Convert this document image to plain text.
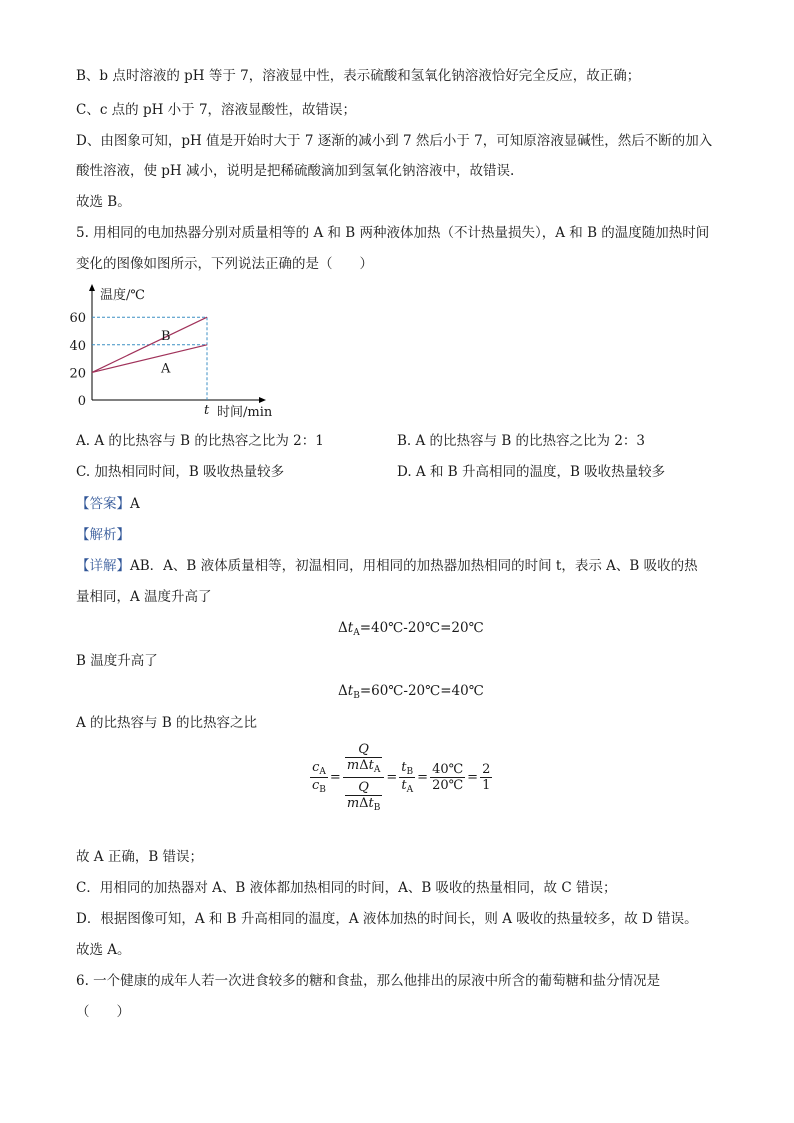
B、b 点时溶液的 pH 等于 7，溶液显中性，表示硫酸和氢氧化钠溶液恰好完全反应，故正确；
C、c 点的 pH 小于 7，溶液显酸性，故错误；
D、由图象可知，pH 值是开始时大于 7 逐渐的减小到 7 然后小于 7，可知原溶液显碱性，然后不断的加入
酸性溶液，使 pH 减小，说明是把稀硫酸滴加到氢氧化钠溶液中，故错误.
故选 B。
5. 用相同的电加热器分别对质量相等的 A 和 B 两种液体加热（不计热量损失），A 和 B 的温度随加热时间
变化的图像如图所示，下列说法正确的是（　　）
温度/℃
时间/min
60
40
20
0
t
A
B
A. A 的比热容与 B 的比热容之比为 2：1	B. A 的比热容与 B 的比热容之比为 2：3
C. 加热相同时间，B 吸收热量较多	D. A 和 B 升高相同的温度，B 吸收热量较多
【答案】A
【解析】
【详解】AB．A、B 液体质量相等，初温相同，用相同的加热器加热相同的时间 t，表示 A、B 吸收的热
量相同，A 温度升高了
$\Delta t_A=40℃-20℃=20℃$
B 温度升高了
$\Delta t_B=60℃-20℃=40℃$
A 的比热容与 B 的比热容之比
$\frac{c_A}{c_B} = \frac{\frac{Q}{m\Delta t_A}}{\frac{Q}{m\Delta t_B}} = \frac{t_B}{t_A} = \frac{40℃}{20℃} = \frac{2}{1}$
故 A 正确，B 错误；
C．用相同的加热器对 A、B 液体都加热相同的时间，A、B 吸收的热量相同，故 C 错误；
D．根据图像可知，A 和 B 升高相同的温度，A 液体加热的时间长，则 A 吸收的热量较多，故 D 错误。
故选 A。
6. 一个健康的成年人若一次进食较多的糖和食盐，那么他排出的尿液中所含的葡萄糖和盐分情况是
（　　）
